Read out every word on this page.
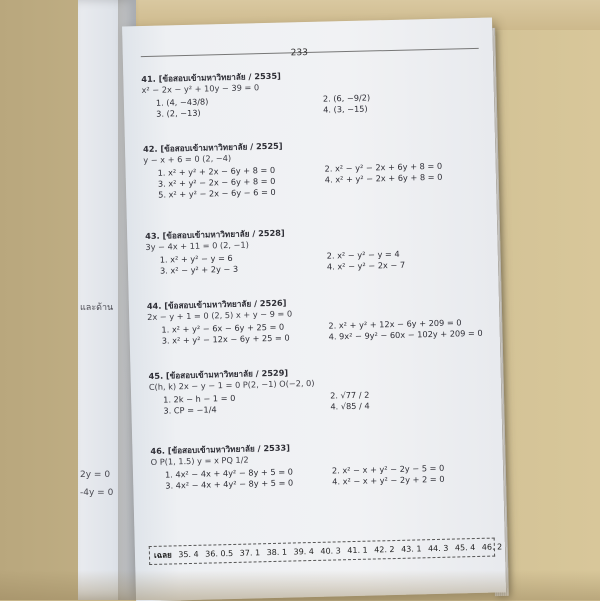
และด้าน
2y = 0
-4y = 0
233
41. [ข้อสอบเข้ามหาวิทยาลัย / 2535]
x² − 2x − y² + 10y − 39 = 0
1. (4, −43/8)	2. (6, −9/2)
3. (2, −13)	4. (3, −15)
42. [ข้อสอบเข้ามหาวิทยาลัย / 2525]
y − x + 6 = 0 (2, −4)
1. x² + y² + 2x − 6y + 8 = 0	2. x² − y² − 2x + 6y + 8 = 0
3. x² + y² − 2x − 6y + 8 = 0	4. x² + y² − 2x + 6y + 8 = 0
5. x² + y² − 2x − 6y − 6 = 0
43. [ข้อสอบเข้ามหาวิทยาลัย / 2528]
3y − 4x + 11 = 0 (2, −1)
1. x² + y² − y = 6	2. x² − y² − y = 4
3. x² − y² + 2y − 3	4. x² − y² − 2x − 7
44. [ข้อสอบเข้ามหาวิทยาลัย / 2526]
2x − y + 1 = 0 (2, 5) x + y − 9 = 0
1. x² + y² − 6x − 6y + 25 = 0	2. x² + y² + 12x − 6y + 209 = 0
3. x² + y² − 12x − 6y + 25 = 0	4. 9x² − 9y² − 60x − 102y + 209 = 0
45. [ข้อสอบเข้ามหาวิทยาลัย / 2529]
C(h, k) 2x − y − 1 = 0 P(2, −1) O(−2, 0)
1. 2k − h − 1 = 0	2. √77 / 2
3. CP = −1/4	4. √85 / 4
46. [ข้อสอบเข้ามหาวิทยาลัย / 2533]
O P(1, 1.5) y = x PQ 1/2
1. 4x² − 4x + 4y² − 8y + 5 = 0	2. x² − x + y² − 2y − 5 = 0
3. 4x² − 4x + 4y² − 8y + 5 = 0	4. x² − x + y² − 2y + 2 = 0
เฉลย 35. 4 36. 0.5 37. 1 38. 1 39. 4 40. 3 41. 1 42. 2 43. 1 44. 3 45. 4 46. 2
